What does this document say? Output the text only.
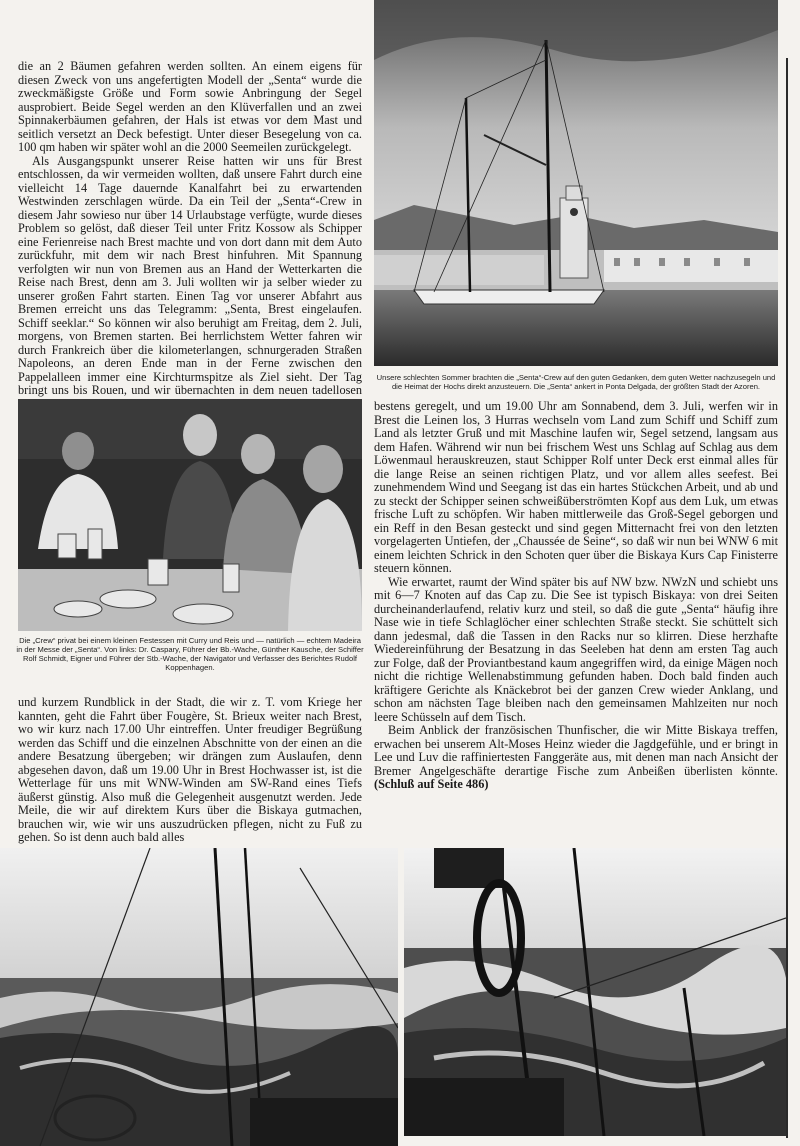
die an 2 Bäumen gefahren werden sollten. An einem eigens für diesen Zweck von uns angefertigten Modell der „Senta“ wurde die zweckmäßigste Größe und Form sowie Anbringung der Segel ausprobiert. Beide Segel werden an den Klüverfallen und an zwei Spinnakerbäumen gefahren, der Hals ist etwas vor dem Mast und seitlich versetzt an Deck befestigt. Unter dieser Besegelung von ca. 100 qm haben wir später wohl an die 2000 Seemeilen zurückgelegt.

Als Ausgangspunkt unserer Reise hatten wir uns für Brest entschlossen, da wir vermeiden wollten, daß unsere Fahrt durch eine vielleicht 14 Tage dauernde Kanalfahrt bei zu erwartenden Westwinden zerschlagen würde. Da ein Teil der „Senta“-Crew in diesem Jahr sowieso nur über 14 Urlaubstage verfügte, wurde dieses Problem so gelöst, daß dieser Teil unter Fritz Kossow als Schipper eine Ferienreise nach Brest machte und von dort dann mit dem Auto zurückfuhr, mit dem wir nach Brest hinfuhren. Mit Spannung verfolgten wir nun von Bremen aus an Hand der Wetterkarten die Reise nach Brest, denn am 3. Juli wollten wir ja selber wieder zu unserer großen Fahrt starten. Einen Tag vor unserer Abfahrt aus Bremen erreicht uns das Telegramm: „Senta, Brest eingelaufen. Schiff seeklar.“ So können wir also beruhigt am Freitag, dem 2. Juli, morgens, von Bremen starten. Bei herrlichstem Wetter fahren wir durch Frankreich über die kilometerlangen, schnurgeraden Straßen Napoleons, an deren Ende man in der Ferne zwischen den Pappelalleen immer eine Kirchturmspitze als Ziel sieht. Der Tag bringt uns bis Rouen, und wir übernachten in dem neuen tadellosen

Unsere schlechten Sommer brachten die „Senta“-Crew auf den guten Gedanken, dem guten Wetter nachzusegeln und die Heimat der Hochs direkt anzusteuern. Die „Senta“ ankert in Ponta Delgada, der größten Stadt der Azoren.
Die „Crew“ privat bei einem kleinen Festessen mit Curry und Reis und — natürlich — echtem Madeira in der Messe der „Senta“. Von links: Dr. Caspary, Führer der Bb.-Wache, Günther Kausche, der Schiffer Rolf Schmidt, Eigner und Führer der Stb.-Wache, der Navigator und Verfasser des Berichtes Rudolf Koppenhagen.

und kurzem Rundblick in der Stadt, die wir z. T. vom Kriege her kannten, geht die Fahrt über Fougère, St. Brieux weiter nach Brest, wo wir kurz nach 17.00 Uhr eintreffen. Unter freudiger Begrüßung werden das Schiff und die einzelnen Abschnitte von der einen an die andere Besatzung übergeben; wir drängen zum Auslaufen, denn abgesehen davon, daß um 19.00 Uhr in Brest Hochwasser ist, ist die Wetterlage für uns mit WNW-Winden am SW-Rand eines Tiefs äußerst günstig. Also muß die Gelegenheit ausgenutzt werden. Jede Meile, die wir auf direktem Kurs über die Biskaya gutmachen, brauchen wir, wie wir uns auszudrücken pflegen, nicht zu Fuß zu gehen. So ist denn auch bald alles

bestens geregelt, und um 19.00 Uhr am Sonnabend, dem 3. Juli, werfen wir in Brest die Leinen los, 3 Hurras wechseln vom Land zum Schiff und Schiff zum Land als letzter Gruß und mit Maschine laufen wir, Segel setzend, langsam aus dem Hafen. Während wir nun bei frischem West uns Schlag auf Schlag aus dem Löwenmaul herauskreuzen, staut Schipper Rolf unter Deck erst einmal alles für die lange Reise an seinen richtigen Platz, und vor allem alles seefest. Bei zunehmendem Wind und Seegang ist das ein hartes Stückchen Arbeit, und ab und zu steckt der Schipper seinen schweißüberströmten Kopf aus dem Luk, um etwas frische Luft zu schöpfen. Wir haben mittlerweile das Groß-Segel geborgen und ein Reff in den Besan gesteckt und sind gegen Mitternacht frei von den letzten vorgelagerten Untiefen, der „Chaussée de Seine“, so daß wir nun bei WNW 6 mit einem leichten Schrick in den Schoten quer über die Biskaya Kurs Cap Finisterre steuern können.

Wie erwartet, raumt der Wind später bis auf NW bzw. NWzN und schiebt uns mit 6—7 Knoten auf das Cap zu. Die See ist typisch Biskaya: von drei Seiten durcheinanderlaufend, relativ kurz und steil, so daß die gute „Senta“ häufig ihre Nase wie in tiefe Schlaglöcher einer schlechten Straße steckt. Sie schüttelt sich dann jedesmal, daß die Tassen in den Racks nur so klirren. Diese herzhafte Wiedereinführung der Besatzung in das Seeleben hat denn am ersten Tag auch zur Folge, daß der Proviantbestand kaum angegriffen wird, da einige Mägen noch nicht die richtige Wellenabstimmung gefunden haben. Doch bald finden auch kräftigere Gerichte als Knäckebrot bei der ganzen Crew wieder Anklang, und schon am nächsten Tage bleiben nach den gemeinsamen Mahlzeiten nur noch leere Schüsseln auf dem Tisch.

Beim Anblick der französischen Thunfischer, die wir Mitte Biskaya treffen, erwachen bei unserem Alt-Moses Heinz wieder die Jagdgefühle, und er bringt in Lee und Luv die raffiniertesten Fanggeräte aus, mit denen man nach Ansicht der Bremer Angelgeschäfte derartige Fische zum Anbeißen überlisten könnte. (Schluß auf Seite 486)
